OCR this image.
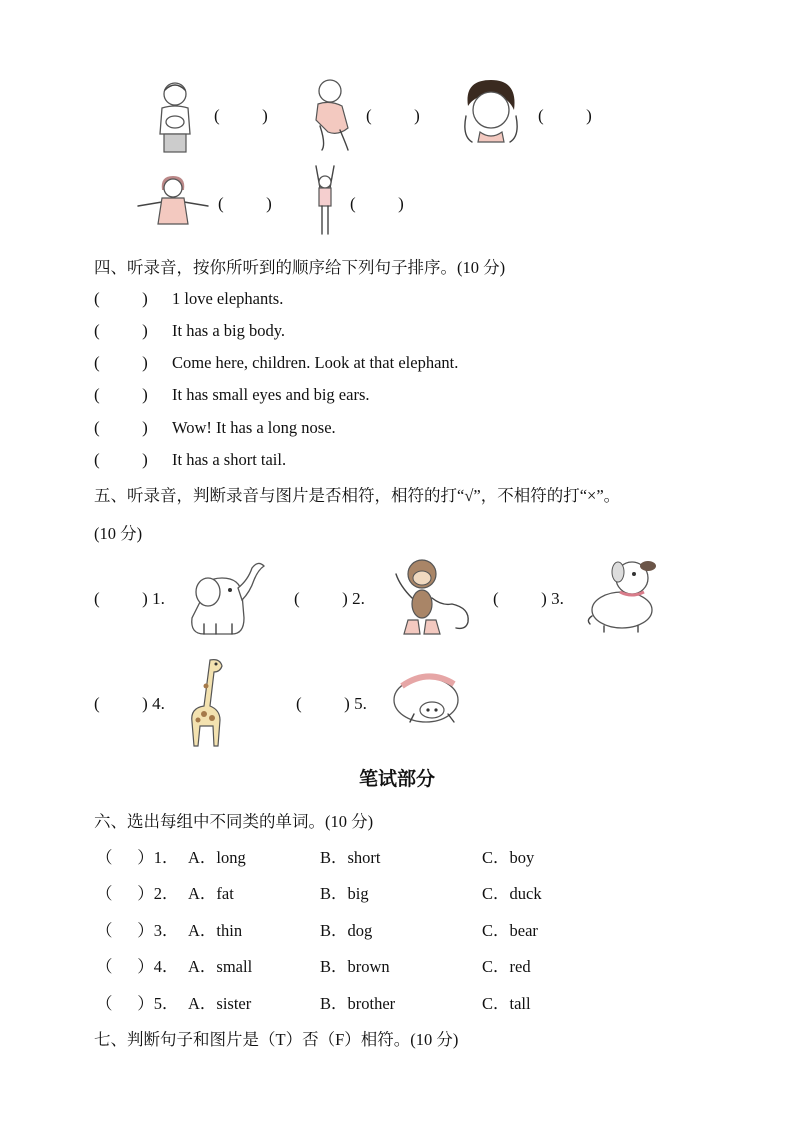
(          )	(          )	(          )
(          )	(          )
四、听录音，按你所听到的顺序给下列句子排序。(10 分)
(          ) 1 love elephants.
(          ) It has a big body.
(          ) Come here, children. Look at that elephant.
(          ) It has small eyes and big ears.
(          ) Wow! It has a long nose.
(          ) It has a short tail.
五、听录音，判断录音与图片是否相符，相符的打“√”，不相符的打“×”。
(10 分)
(          ) 1.	(          ) 2.	(          ) 3.
(          ) 4.	(          ) 5.
笔试部分
六、选出每组中不同类的单词。(10 分)
（      ）1． A．long	B．short	C．boy
（      ）2． A．fat	B．big	C．duck
（      ）3． A．thin	B．dog	C．bear
（      ）4． A．small	B．brown	C．red
（      ）5． A．sister	B．brother	C．tall
七、判断句子和图片是（T）否（F）相符。(10 分)
